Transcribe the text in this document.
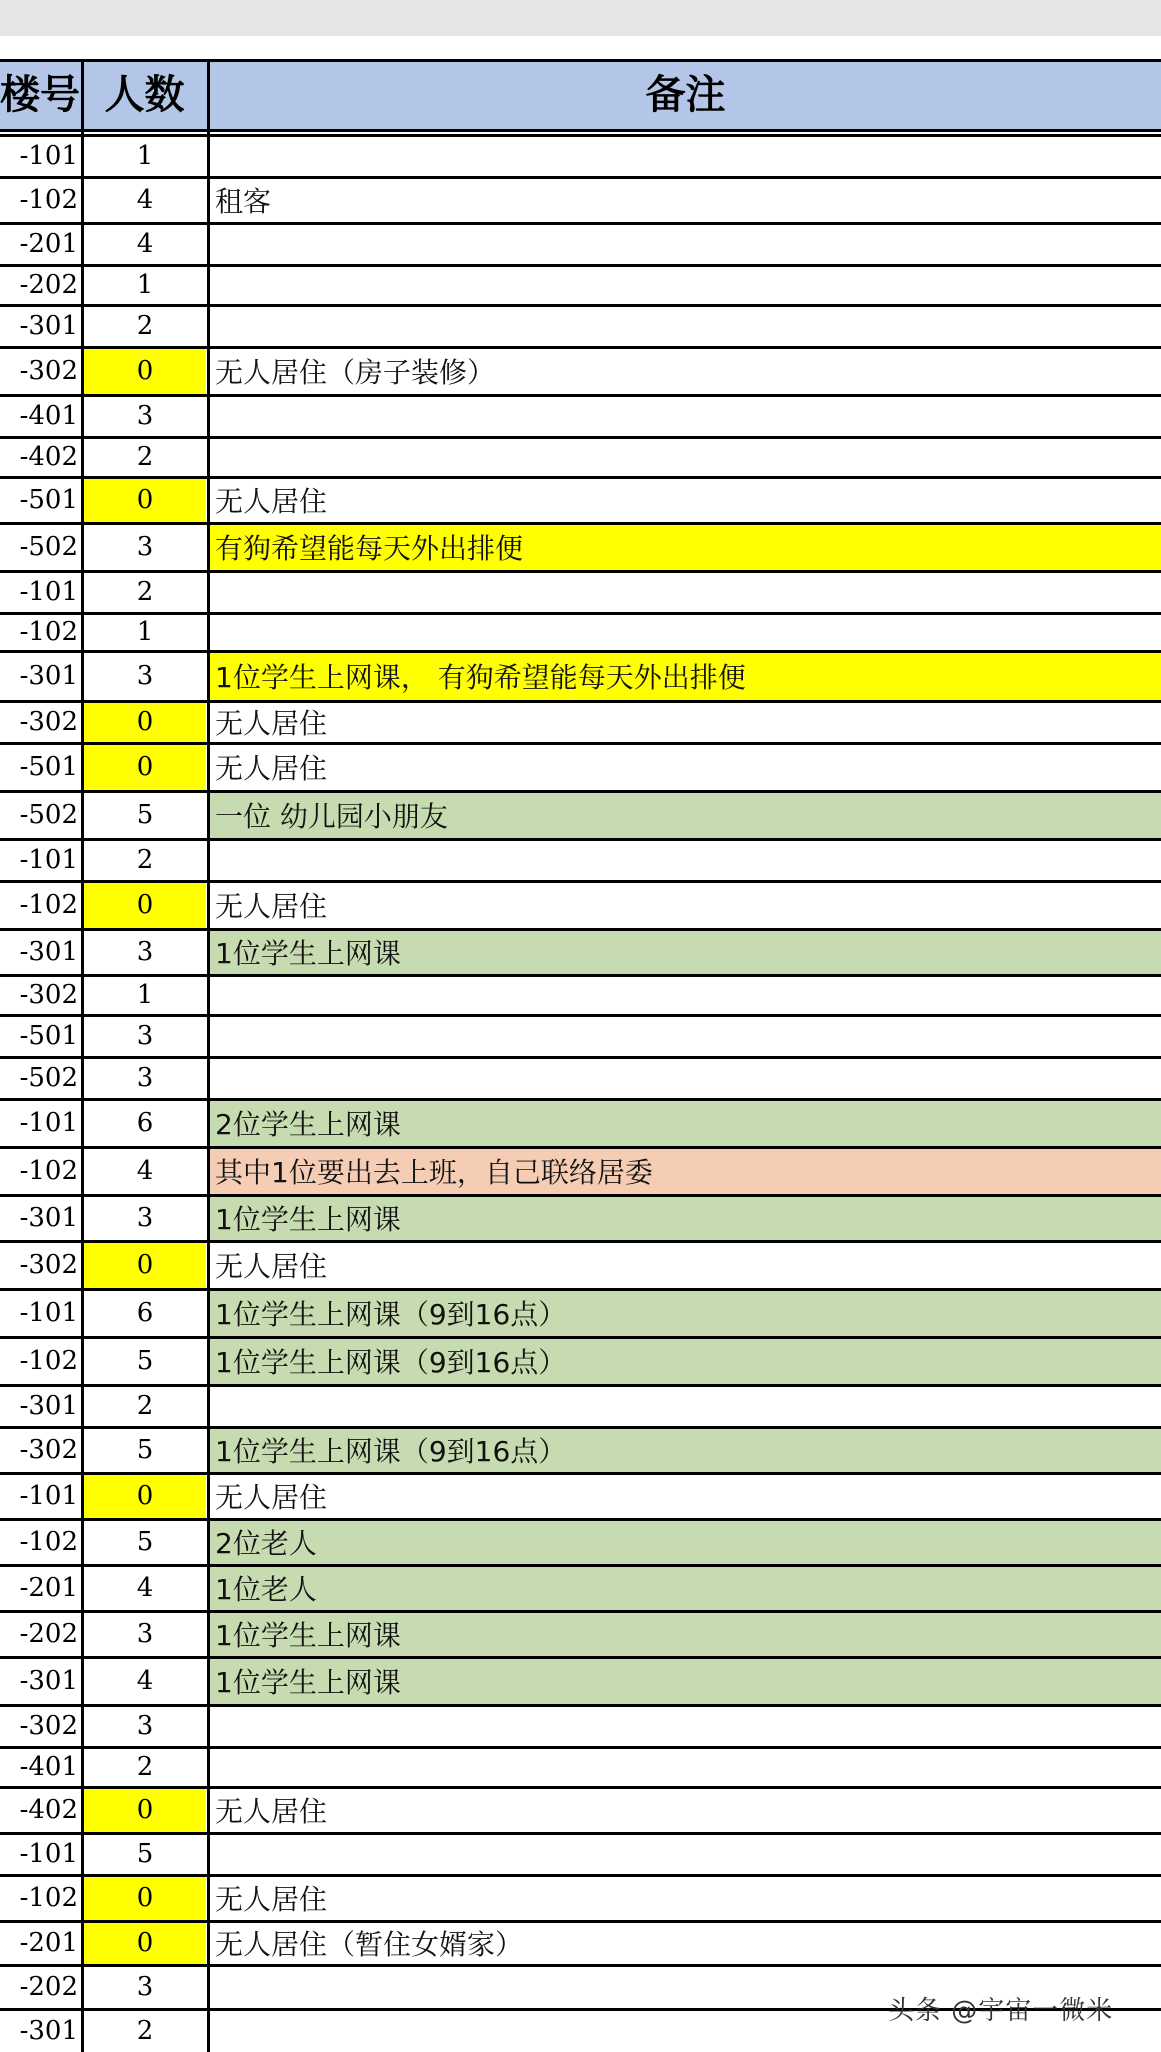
楼号 人数	备注
-101	1
-102	4	租客
-201	4
-202	1
-301	2
-302	0	无人居住（房子装修）
-401	3
-402	2
-501	0	无人居住
-502	3	有狗希望能每天外出排便
-101	2
-102	1
-301	3	1位学生上网课， 有狗希望能每天外出排便
-302	0	无人居住
-501	0	无人居住
-502	5	一位 幼儿园小朋友
-101	2
-102	0	无人居住
-301	3	1位学生上网课
-302	1
-501	3
-502	3
-101	6	2位学生上网课
-102	4	其中1位要出去上班，自己联络居委
-301	3	1位学生上网课
-302	0	无人居住
-101	6	1位学生上网课（9到16点）
-102	5	1位学生上网课（9到16点）
-301	2
-302	5	1位学生上网课（9到16点）
-101	0	无人居住
-102	5	2位老人
-201	4	1位老人
-202	3	1位学生上网课
-301	4	1位学生上网课
-302	3
-401	2
-402	0	无人居住
-101	5
-102	0	无人居住
-201	0	无人居住（暂住女婿家）
-202	3
-301	2
头条 @宇宙一微米
